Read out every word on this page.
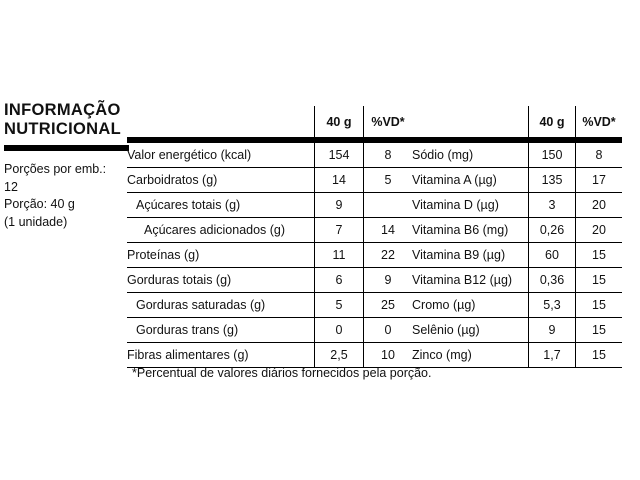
INFORMAÇÃO
NUTRICIONAL
Porções por emb.:
12
Porção: 40 g
(1 unidade)
	40 g	%VD*
Valor energético (kcal)	154	8
Carboidratos (g)	14	5
Açúcares totais (g)	9	
Açúcares adicionados (g)	7	14
Proteínas (g)	11	22
Gorduras totais (g)	6	9
Gorduras saturadas (g)	5	25
Gorduras trans (g)	0	0
Fibras alimentares (g)	2,5	10
	40 g	%VD*
Sódio (mg)	150	8
Vitamina A (µg)	135	17
Vitamina D (µg)	3	20
Vitamina B6 (mg)	0,26	20
Vitamina B9 (µg)	60	15
Vitamina B12 (µg)	0,36	15
Cromo (µg)	5,3	15
Selênio (µg)	9	15
Zinco (mg)	1,7	15
*Percentual de valores diários fornecidos pela porção.
